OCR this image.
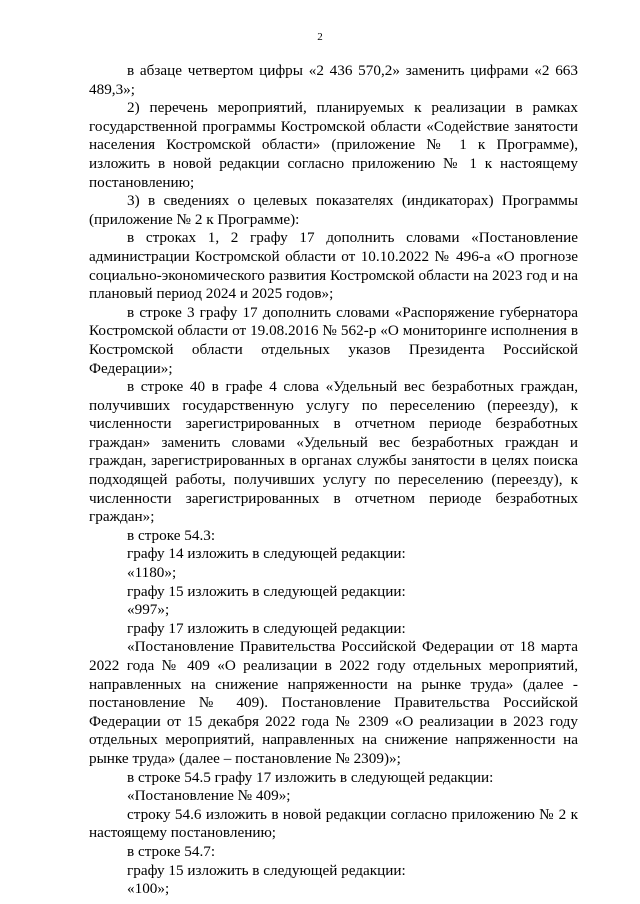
2

в абзаце четвертом цифры «2 436 570,2» заменить цифрами «2 663 489,3»;

2) перечень мероприятий, планируемых к реализации в рамках государственной программы Костромской области «Содействие занятости населения Костромской области» (приложение № 1 к Программе), изложить в новой редакции согласно приложению № 1 к настоящему постановлению;

3) в сведениях о целевых показателях (индикаторах) Программы (приложение № 2 к Программе):

в строках 1, 2 графу 17 дополнить словами «Постановление администрации Костромской области от 10.10.2022 № 496-а «О прогнозе социально-экономического развития Костромской области на 2023 год и на плановый период 2024 и 2025 годов»;

в строке 3 графу 17 дополнить словами «Распоряжение губернатора Костромской области от 19.08.2016 № 562-р «О мониторинге исполнения в Костромской области отдельных указов Президента Российской Федерации»;

в строке 40 в графе 4 слова «Удельный вес безработных граждан, получивших государственную услугу по переселению (переезду), к численности зарегистрированных в отчетном периоде безработных граждан» заменить словами «Удельный вес безработных граждан и граждан, зарегистрированных в органах службы занятости в целях поиска подходящей работы, получивших услугу по переселению (переезду), к численности зарегистрированных в отчетном периоде безработных граждан»;

в строке 54.3:

графу 14 изложить в следующей редакции:

«1180»;

графу 15 изложить в следующей редакции:

«997»;

графу 17 изложить в следующей редакции:

«Постановление Правительства Российской Федерации от 18 марта 2022 года № 409 «О реализации в 2022 году отдельных мероприятий, направленных на снижение напряженности на рынке труда» (далее - постановление № 409). Постановление Правительства Российской Федерации от 15 декабря 2022 года № 2309 «О реализации в 2023 году отдельных мероприятий, направленных на снижение напряженности на рынке труда» (далее – постановление № 2309)»;

в строке 54.5 графу 17 изложить в следующей редакции:

«Постановление № 409»;

строку 54.6 изложить в новой редакции согласно приложению № 2 к настоящему постановлению;

в строке 54.7:

графу 15 изложить в следующей редакции:

«100»;
